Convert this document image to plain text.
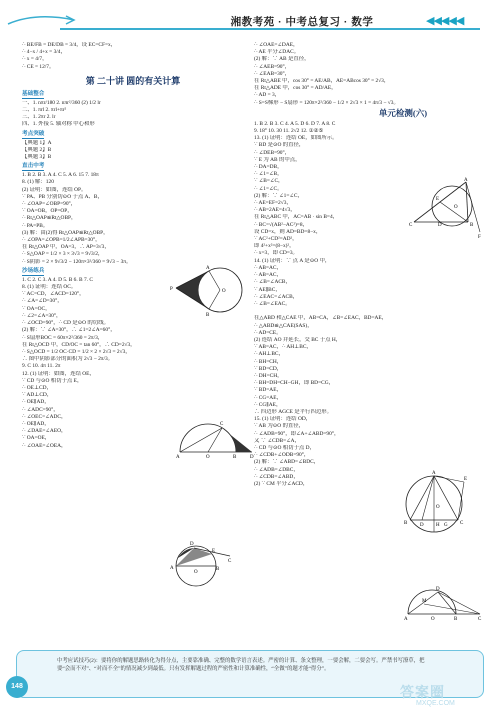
湘教考苑 · 中考总复习 · 数学	◀◀◀◀◀
∴ BE/FB = DE/DB = 3/4，设 EC=CF=x，
∴ 4−x / 4+x = 3/4，
∴ x = 4/7，
∴ CE = 12/7。
第 二十讲 圆的有关计算
基础整合
一、1. nπr/180 2. nπr²/360 (2) 1/2 lr
二、1. πrl 2. πrl+πr²
三、1. 2πr 2. lr
四、1. 外接 5. 轴对称 中心和形
考点突破
【典题 1】A
【典题 2】B
【典题 3】B
直击中考
1. B 2. B 3. A 4. C 5. A 6. 15 7. 18π
8. (1) 解：120
(2) 证明：如图，连结 OP。
∵ PA、PB 分别切⊙O 于点 A、B，
∴ ∠OAP=∠OBP=90°，
∵ OA=OB，OP=OP，
∴ Rt△OAP≌Rt△OBP，
∴ PA=PB。
(3) 解：由(2)得 Rt△OAP≌Rt△OBP，
∴ ∠OPA=∠OPB=1/2∠APB=30°，
在 Rt△OAP 中，OA=3，∴ AP=3√3，
∴ S△OAP = 1/2 × 3 × 3√3 = 9√3/2，
∴ S阴影 = 2 × 9√3/2 − 120π×3²/360 = 9√3 − 3π。
沙场练兵
1. C 2. C 3. A 4. D 5. B 6. B 7. C
8. (1) 证明：连结 OC。
∵ AC=CD，∠ACD=120°，
∴ ∠A=∠D=30°，
∵ OA=OC，
∴ ∠2=∠A=30°，
∴ ∠OCD=90°，∴ CD 是⊙O 的切线。
(2) 解：∵ ∠A=30°，∴ ∠1=2∠A=60°，
∴ S扇形BOC = 60π×2²/360 = 2π/3，
在 Rt△OCD 中，CD/OC = tan 60°，∴ CD=2√3，
∴ S△OCD = 1/2 OC·CD = 1/2 × 2 × 2√3 = 2√3，
∴ 图中阴影部分的面积为 2√3 − 2π/3。
9. C 10. 4π 11. 2π
12. (1) 证明：如图，连结 OE，
∵ CD 与⊙O 相切于点 E，
∴ OE⊥CD，
∵ AD⊥CD，
∴ OE∥AD，
∴ ∠ADC=90°，
∴ ∠OEC=∠ADC，
∴ OE∥AD，
∴ ∠DAE=∠AEO，
∵ OA=OE，
∴ ∠OAE=∠OEA，
A
B
O
P
A	B
C
D
O
A	B
C
D
E
O
∴ ∠OAE=∠DAE，
∴ AE 平分∠DAC。
(2) 解：∵ AB 是直径，
∴ ∠AEB=90°，
∴ ∠EAB=30°，
在 Rt△ABE 中，cos 30° = AE/AB，AE=ABcos 30° = 2√3，
在 Rt△ADE 中，cos 30° = AD/AE，
∴ AD = 3，
∴ S=S梯形 − S扇形 = 120π×2²/360 − 1/2 × 2√3 × 1 = 4π/3 − √3。
单元检测(六)
1. B 2. B 3. C 4. A 5. D 6. D 7. A 8. C
9. 18° 10. 30 11. 2√2 12. ①②⑤
13. (1) 证明：连结 OE，如图所示。
∵ BD 是⊙O 的直径，
∴ ∠DEB=90°，
∵ E 为 AB 的中点，
∴ DA=DB，
∴ ∠1=∠B，
∵ ∠B=∠C，
∴ ∠1=∠C。
(2) 解：∵ ∠1=∠C，
∴ AE=EF=2√3，
∴ AB=2AE=4√3，
在 Rt△ABC 中，AC=AB · sin B=4，
∴ BC=√(AB²−AC²)=8，
设 CD=x，则 AD=BD=8−x，
∵ AC²+CD²=AD²，
即 4²+x²=(8−x)²，
∴ x=3，即 CD=3。
14. (1) 证明：∵ 点 A 是⊙O 中，
∴ AB=AC，
∴ AB=AC，
∴ ∠B=∠ACB，
∵ AE∥BC，
∴ ∠EAC=∠ACB，
∴ ∠B=∠EAC。

在△ABD 和△CAE 中，AB=CA，∠B=∠EAC，BD=AE，
∴ △ABD≌△CAE(SAS)，
∴ AD=CE。
(2) 连结 AO 并延长，交 BC 于点 H，
∵ AB=AC，∴ AH⊥BC，
∴ AH⊥BC，
∴ BH=CH，
∵ BD=CD，
∴ DH=CH，
∴ BH=DH=CH−GH，即 BD=CG，
∵ BD=AE，
∴ CG=AE，
∴ CG∥AE，
∴ 四边形 AGCE 是平行四边形。
15. (1) 证明：连结 OD，
∵ AB 为⊙O 的直径，
∴ ∠ADB=90°，即∠A+∠ABD=90°，
又 ∵ ∠CDB=∠A，
∴ CD 与⊙O 相切于点 D，
∴ ∠CDB+∠ODB=90°，
(2) 解：∵ ∠ABD=∠BDC，
∴ ∠ADB=∠DBC，
∴ ∠CDB=∠ABD，
(2) ∵ CM 平分∠ACD，
A
B
C	D
E
F
O
A
B	C
D
E
G
H
O
A	B	C
D
M
O
中考应试技巧(2)：要将你的解题思路转化为得分点，主要靠准确、完整的数学语言表述。严密的计算、条文整理，一要会解，二要会写。严禁书写潦草，把要“会而不对”、“对而不全”的情况减少到最低。只有发挥解题过程的严密性和计算准确性，“全做”的题才能“得分”。
148	答案圈
MXQE.COM
